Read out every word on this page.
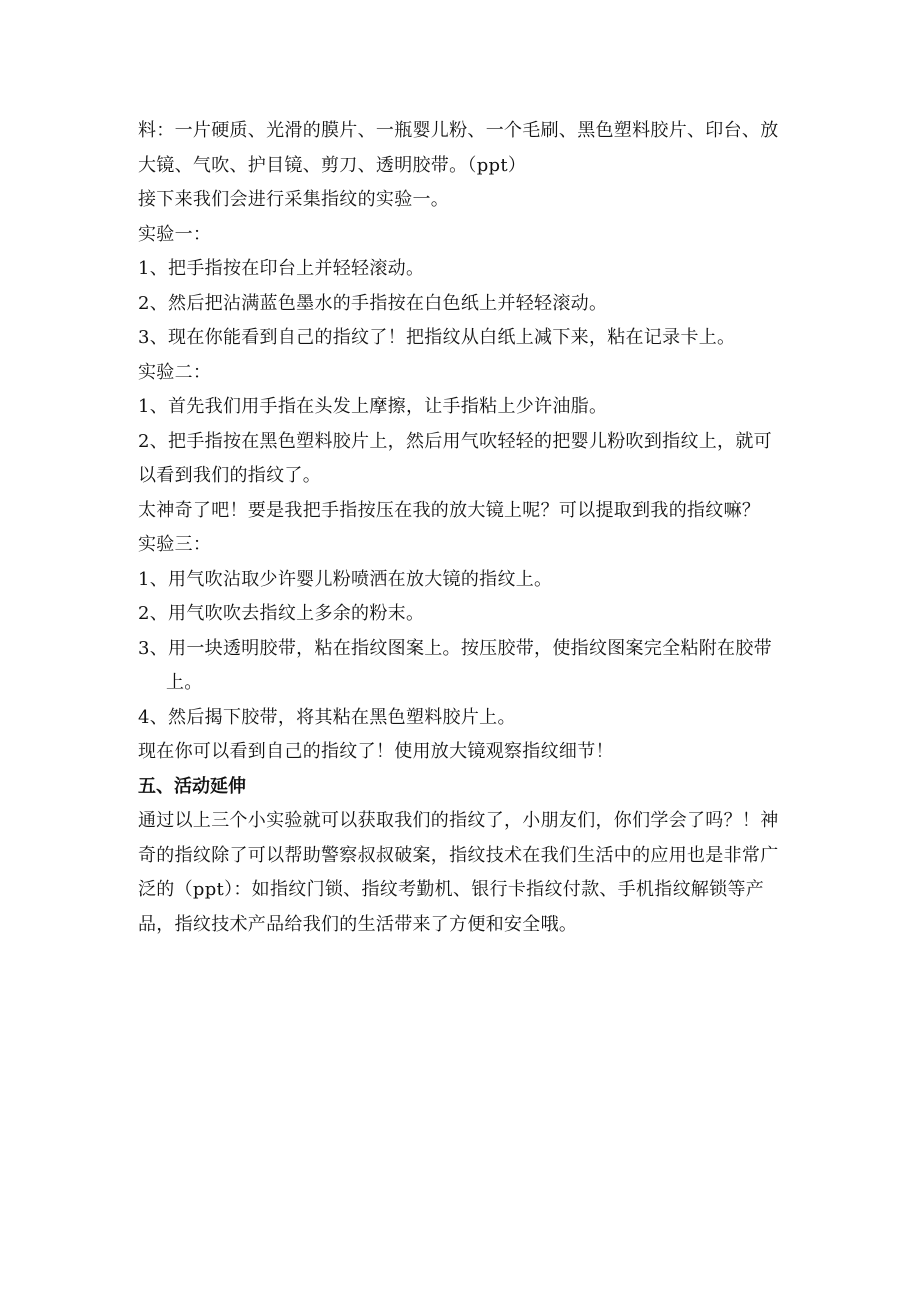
料：一片硬质、光滑的膜片、一瓶婴儿粉、一个毛刷、黑色塑料胶片、印台、放
大镜、气吹、护目镜、剪刀、透明胶带。（ppt）
接下来我们会进行采集指纹的实验一。
实验一：
1、把手指按在印台上并轻轻滚动。
2、然后把沾满蓝色墨水的手指按在白色纸上并轻轻滚动。
3、现在你能看到自己的指纹了！把指纹从白纸上减下来，粘在记录卡上。
实验二：
1、首先我们用手指在头发上摩擦，让手指粘上少许油脂。
2、把手指按在黑色塑料胶片上，然后用气吹轻轻的把婴儿粉吹到指纹上，就可
以看到我们的指纹了。
太神奇了吧！要是我把手指按压在我的放大镜上呢？可以提取到我的指纹嘛？
实验三：
1、用气吹沾取少许婴儿粉喷洒在放大镜的指纹上。
2、用气吹吹去指纹上多余的粉末。
3、用一块透明胶带，粘在指纹图案上。按压胶带，使指纹图案完全粘附在胶带
上。
4、然后揭下胶带，将其粘在黑色塑料胶片上。
现在你可以看到自己的指纹了！使用放大镜观察指纹细节！
五、活动延伸
通过以上三个小实验就可以获取我们的指纹了，小朋友们，你们学会了吗？！神
奇的指纹除了可以帮助警察叔叔破案，指纹技术在我们生活中的应用也是非常广
泛的（ppt）：如指纹门锁、指纹考勤机、银行卡指纹付款、手机指纹解锁等产
品，指纹技术产品给我们的生活带来了方便和安全哦。
